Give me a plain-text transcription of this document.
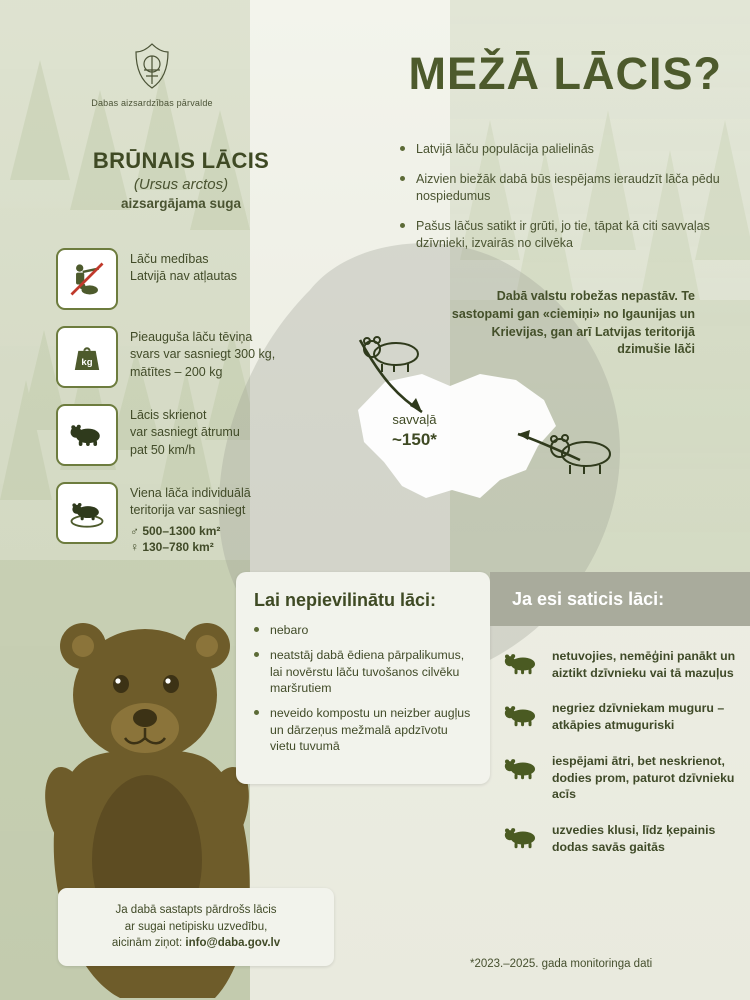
Dabas aizsardzības pārvalde
MEŽĀ LĀCIS?
Latvijā lāču populācija palielinās
Aizvien biežāk dabā būs iespējams ieraudzīt lāča pēdu nospiedumus
Pašus lāčus satikt ir grūti, jo tie, tāpat kā citi savvaļas dzīvnieki, izvairās no cilvēka
BRŪNAIS LĀCIS
(Ursus arctos)
aizsargājama suga
Lāču medības
Latvijā nav atļautas
kg
Pieauguša lāču tēviņa
svars var sasniegt 300 kg,
mātītes – 200 kg
Lācis skrienot
var sasniegt ātrumu
pat 50 km/h
Viena lāča individuālā
teritorija var sasniegt
♂ 500–1300 km²
♀ 130–780 km²
savvaļā
~150*
Dabā valstu robežas nepastāv. Te sastopami gan «ciemiņi» no Igaunijas un Krievijas, gan arī Latvijas teritorijā dzimušie lāči
Lai nepievilinātu lāci:
nebaro
neatstāj dabā ēdiena pārpalikumus, lai novērstu lāču tuvošanos cilvēku maršrutiem
neveido kompostu un neizber augļus un dārzeņus mežmalā apdzīvotu vietu tuvumā
Ja esi saticis lāci:
netuvojies, nemēģini panākt un aiztikt dzīvnieku vai tā mazuļus
negriez dzīvniekam muguru – atkāpies atmuguriski
iespējami ātri, bet neskrienot, dodies prom, paturot dzīvnieku acīs
uzvedies klusi, līdz ķepainis dodas savās gaitās
Ja dabā sastapts pārdrošs lācis
ar sugai netipisku uzvedību,
aicinām ziņot: info@daba.gov.lv
*2023.–2025. gada monitoringa dati
